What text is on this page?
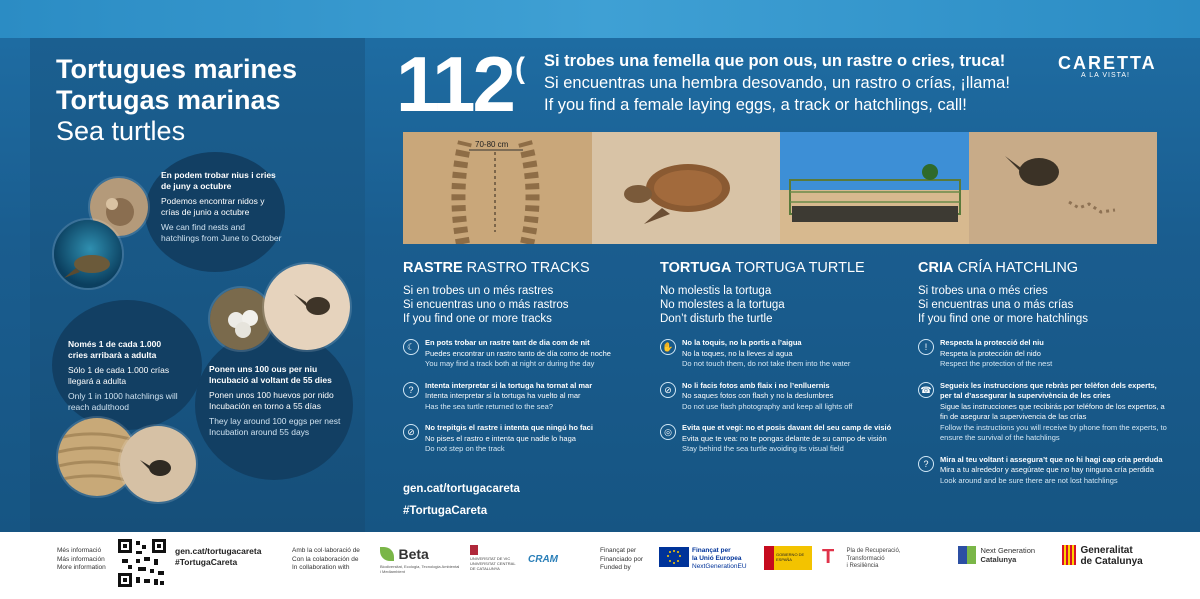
Tortugues marines
Tortugas marinas
Sea turtles
En podem trobar nius i cries de juny a octubre
Podemos encontrar nidos y crías de junio a octubre
We can find nests and hatchlings from June to October
Només 1 de cada 1.000 cries arribarà a adulta
Sólo 1 de cada 1.000 crías llegará a adulta
Only 1 in 1000 hatchlings will reach adulthood
Ponen uns 100 ous per niu Incubació al voltant de 55 dies
Ponen unos 100 huevos por nido Incubación en torno a 55 días
They lay around 100 eggs per nest Incubation around 55 days
112 ( Si trobes una femella que pon ous, un rastre o cries, truca!
Si encuentras una hembra desovando, un rastro o crías, ¡llama!
If you find a female laying eggs, a track or hatchlings, call!
CARETTA
A LA VISTA!
70-80 cm
RASTRE RASTRO TRACKS
Si en trobes un o més rastres
Si encuentras uno o más rastros
If you find one or more tracks
☾	En pots trobar un rastre tant de dia com de nit
Puedes encontrar un rastro tanto de día como de noche
You may find a track both at night or during the day
?	Intenta interpretar si la tortuga ha tornat al mar
Intenta interpretar si la tortuga ha vuelto al mar
Has the sea turtle returned to the sea?
⊘	No trepitgis el rastre i intenta que ningú ho faci
No pises el rastro e intenta que nadie lo haga
Do not step on the track
TORTUGA TORTUGA TURTLE
No molestis la tortuga
No molestes a la tortuga
Don’t disturb the turtle
✋	No la toquis, no la portis a l’aigua
No la toques, no la lleves al agua
Do not touch them, do not take them into the water
⊘	No li facis fotos amb flaix i no l’enlluernis
No saques fotos con flash y no la deslumbres
Do not use flash photography and keep all lights off
◎	Evita que et vegi: no et posis davant del seu camp de visió
Evita que te vea: no te pongas delante de su campo de visión
Stay behind the sea turtle avoiding its visual field
CRIA CRÍA HATCHLING
Si trobes una o més cries
Si encuentras una o más crías
If you find one or more hatchlings
!	Respecta la protecció del niu
Respeta la protección del nido
Respect the protection of the nest
☎	Segueix les instruccions que rebràs per telèfon dels experts, per tal d’assegurar la supervivència de les cries
Sigue las instrucciones que recibirás por teléfono de los expertos, a fin de asegurar la supervivencia de las crías
Follow the instructions you will receive by phone from the experts, to ensure the survival of the hatchlings
?	Mira al teu voltant i assegura’t que no hi hagi cap cria perduda
Mira a tu alrededor y asegúrate que no hay ninguna cría perdida
Look around and be sure there are not lost hatchlings
gen.cat/tortugacareta
#TortugaCareta
Més informació
Más información
More information
gen.cat/tortugacareta
#TortugaCareta
Amb la col·laboració de
Con la colaboración de
In collaboration with
Beta
Biodiversitat, Ecologia, Tecnologia Ambiental i Mediambient
UNIVERSITAT DE VIC UNIVERSITAT CENTRAL DE CATALUNYA
CRAM
Finançat per
Financiado por
Funded by
Finançat per
la Unió Europea
NextGenerationEU
GOBIERNO DE ESPAÑA	T Pla de Recuperació,
Transformació
i Resiliència

Next Generation
Catalunya

Generalitat
de Catalunya
